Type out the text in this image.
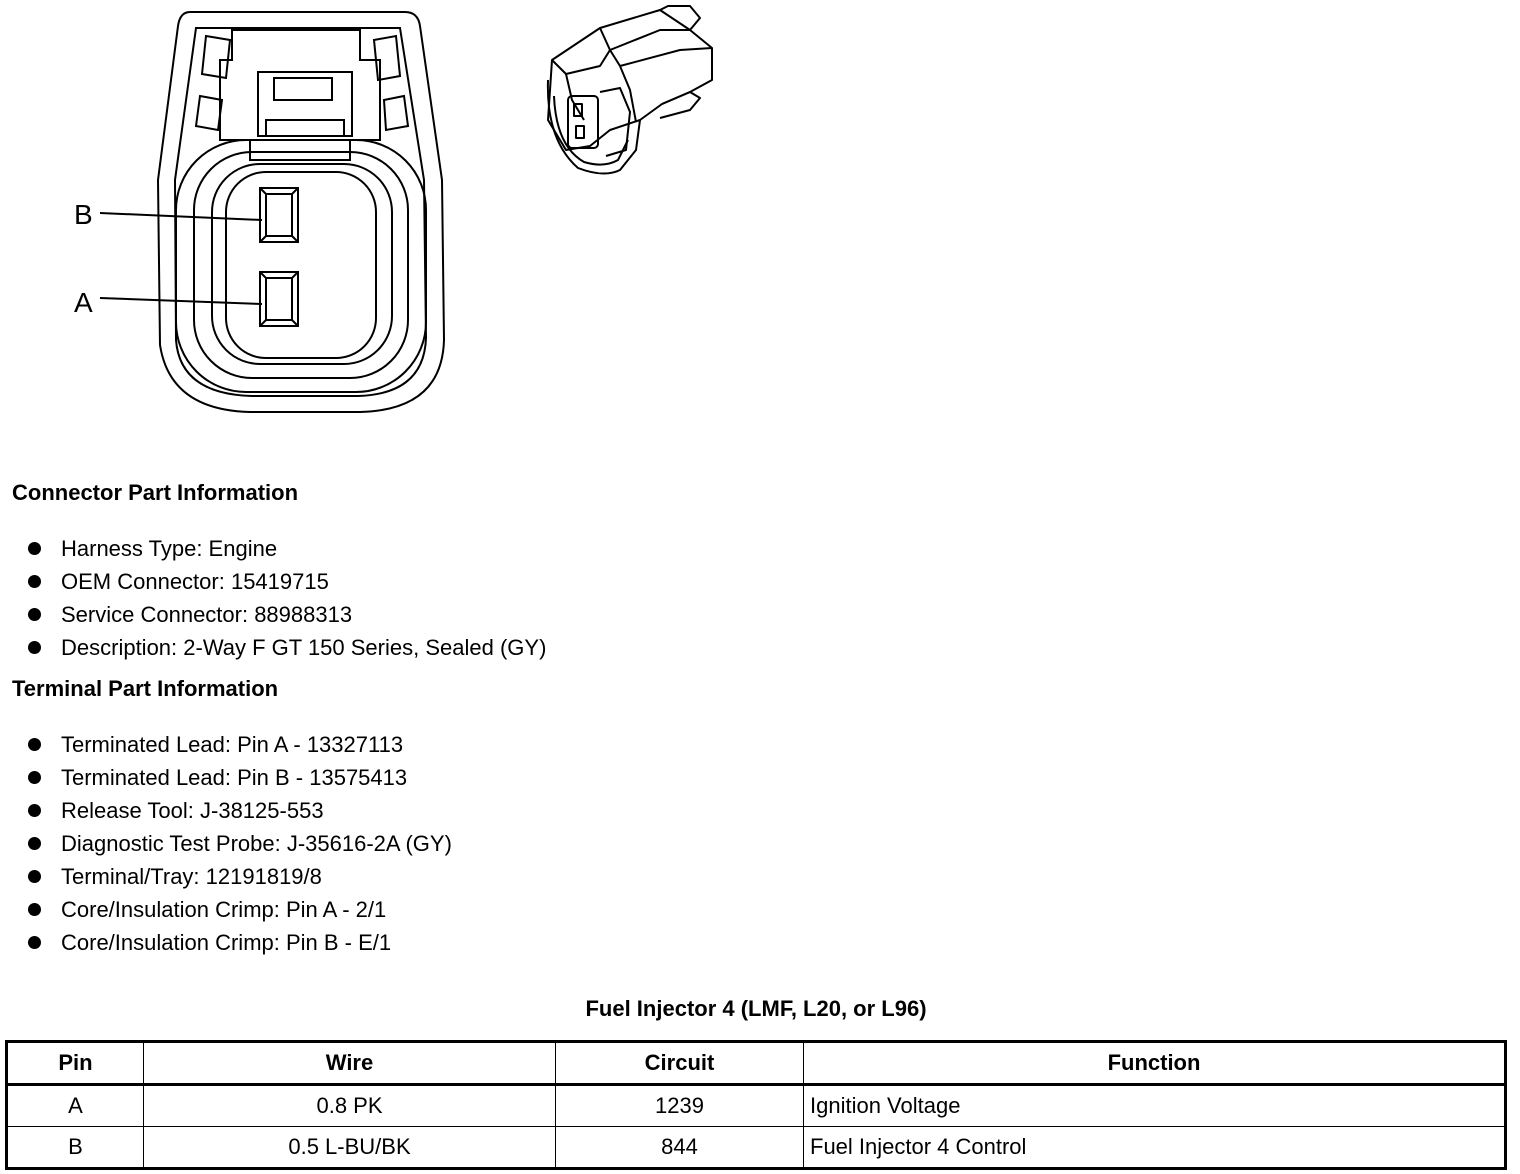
B
A
Connector Part Information
Harness Type: Engine
OEM Connector: 15419715
Service Connector: 88988313
Description: 2-Way F GT 150 Series, Sealed (GY)
Terminal Part Information
Terminated Lead: Pin A - 13327113
Terminated Lead: Pin B - 13575413
Release Tool: J-38125-553
Diagnostic Test Probe: J-35616-2A (GY)
Terminal/Tray: 12191819/8
Core/Insulation Crimp: Pin A - 2/1
Core/Insulation Crimp: Pin B - E/1
Fuel Injector 4 (LMF, L20, or L96)
Pin	Wire	Circuit	Function
A	0.8 PK	1239	Ignition Voltage
B	0.5 L-BU/BK	844	Fuel Injector 4 Control
